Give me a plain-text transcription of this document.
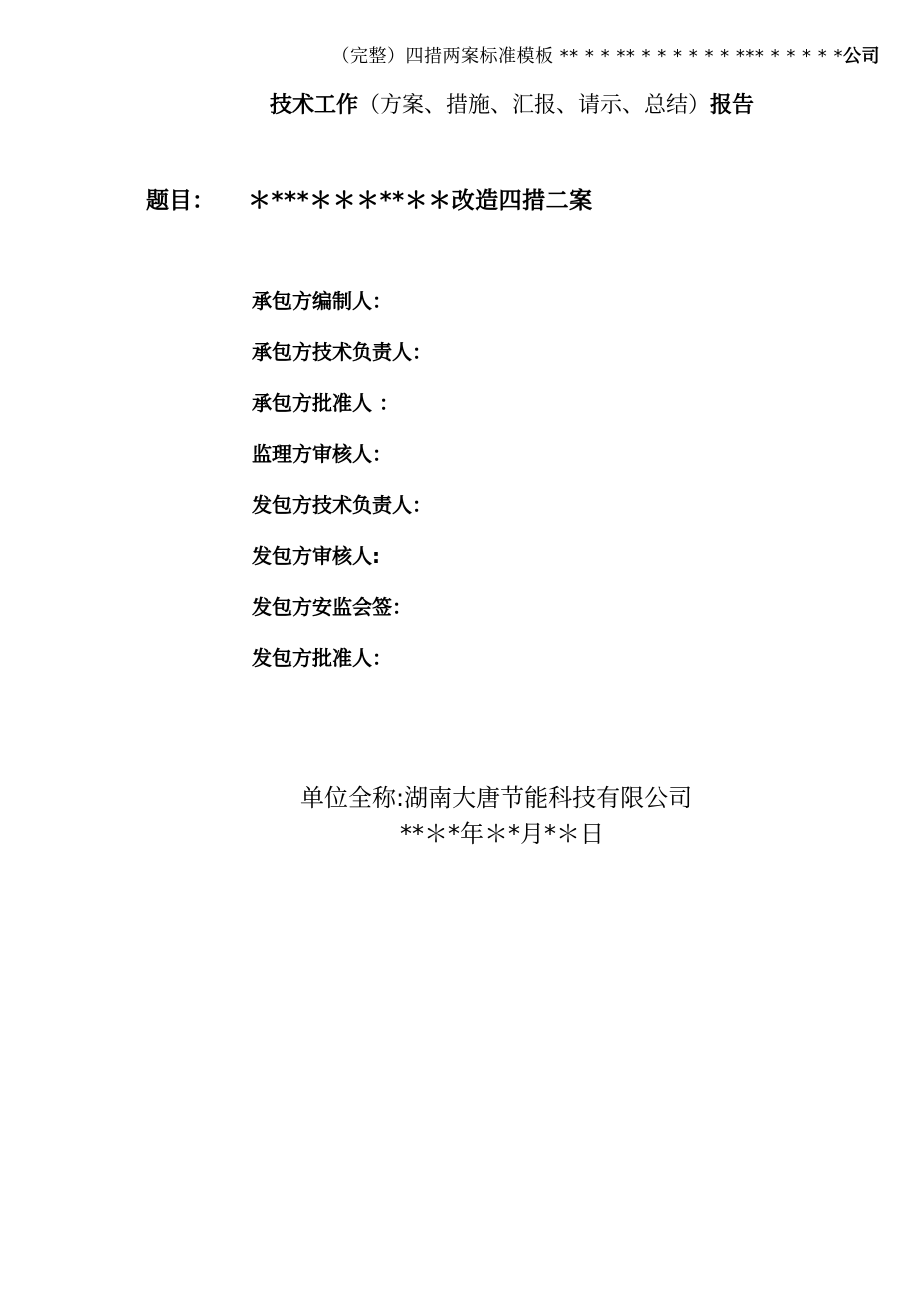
（完整）四措两案标准模板 ** * * ** * * * * * * *** * * * * *公司
技术工作（方案、措施、汇报、请示、总结）报告
题目： ＊***＊＊＊**＊＊改造四措二案
承包方编制人：
承包方技术负责人：
承包方批准人 ：
监理方审核人：
发包方技术负责人：
发包方审核人:
发包方安监会签：
发包方批准人：
单位全称:湖南大唐节能科技有限公司
**＊*年＊*月*＊日
